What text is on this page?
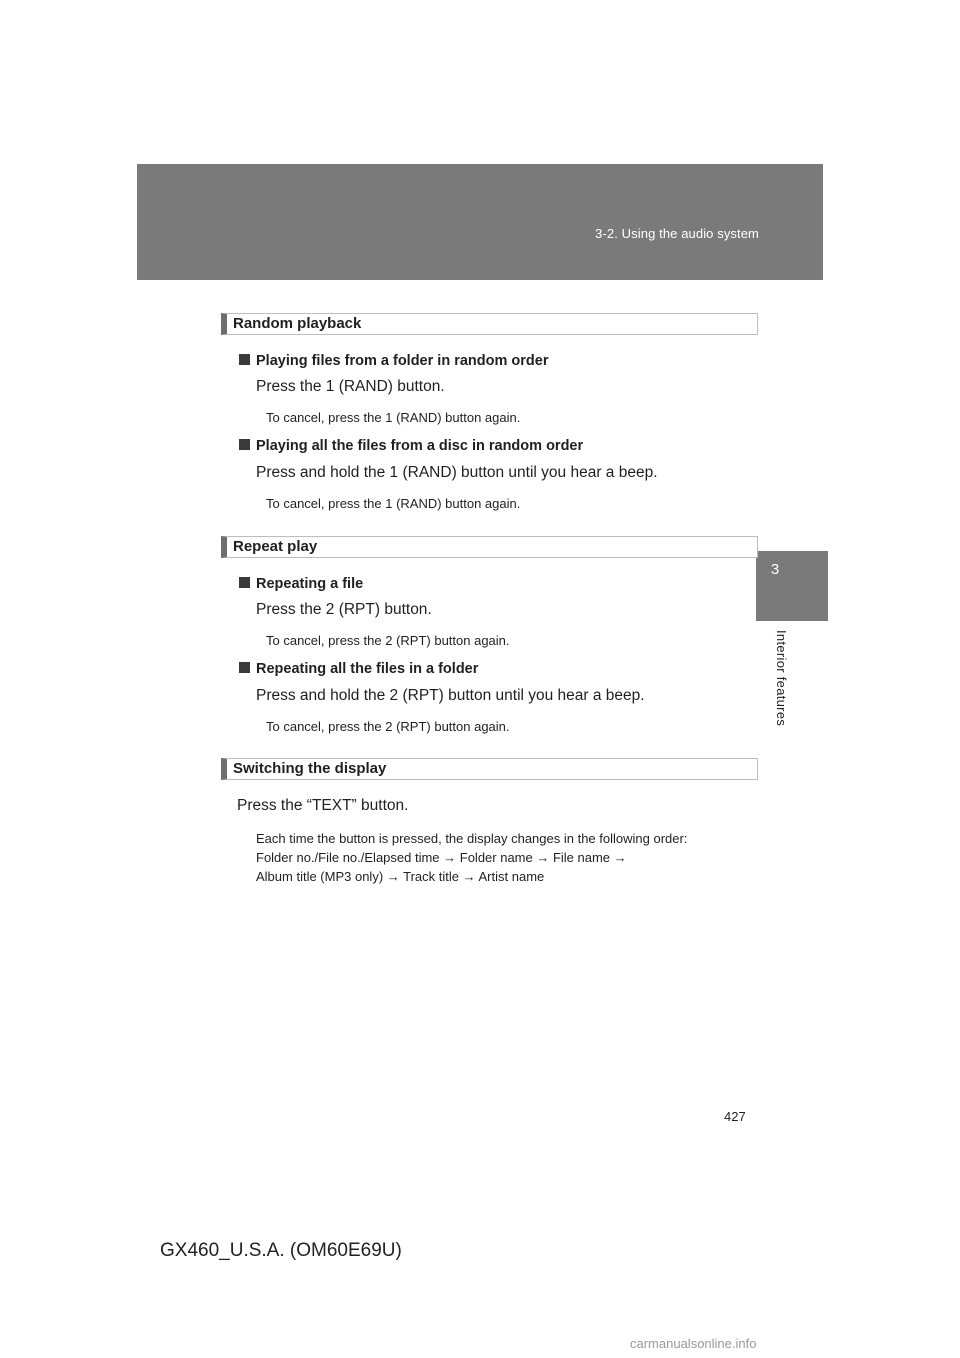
3-2. Using the audio system
3
Interior features
Random playback
Playing files from a folder in random order
Press the 1 (RAND) button.
To cancel, press the 1 (RAND) button again.
Playing all the files from a disc in random order
Press and hold the 1 (RAND) button until you hear a beep.
To cancel, press the 1 (RAND) button again.
Repeat play
Repeating a file
Press the 2 (RPT) button.
To cancel, press the 2 (RPT) button again.
Repeating all the files in a folder
Press and hold the 2 (RPT) button until you hear a beep.
To cancel, press the 2 (RPT) button again.
Switching the display
Press the “TEXT” button.
Each time the button is pressed, the display changes in the following order:
Folder no./File no./Elapsed time → Folder name → File name →
Album title (MP3 only) → Track title → Artist name
427
GX460_U.S.A. (OM60E69U)
carmanualsonline.info
